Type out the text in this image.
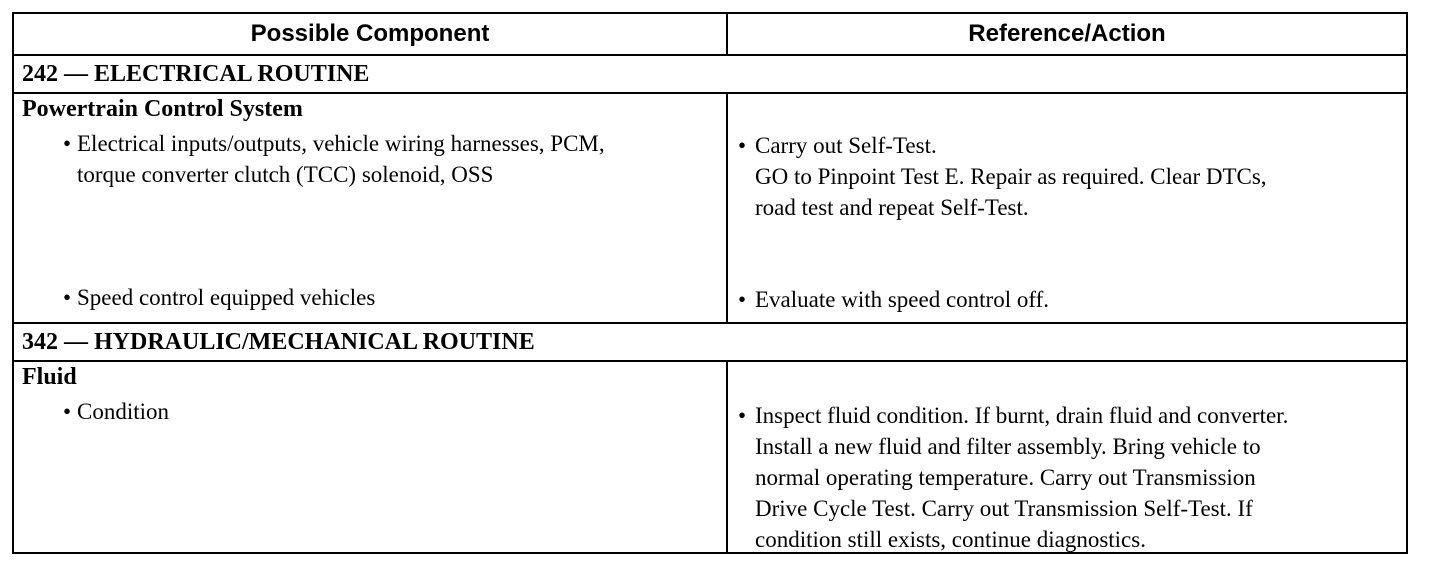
Possible Component	Reference/Action
242 — ELECTRICAL ROUTINE
Powertrain Control System
• Electrical inputs/outputs, vehicle wiring harnesses, PCM,
torque converter clutch (TCC) solenoid, OSS
• Speed control equipped vehicles
• Carry out Self-Test.
GO to Pinpoint Test E. Repair as required. Clear DTCs,
road test and repeat Self-Test.
• Evaluate with speed control off.
342 — HYDRAULIC/MECHANICAL ROUTINE
Fluid
• Condition	• Inspect fluid condition. If burnt, drain fluid and converter.
Install a new fluid and filter assembly. Bring vehicle to
normal operating temperature. Carry out Transmission
Drive Cycle Test. Carry out Transmission Self-Test. If
condition still exists, continue diagnostics.
